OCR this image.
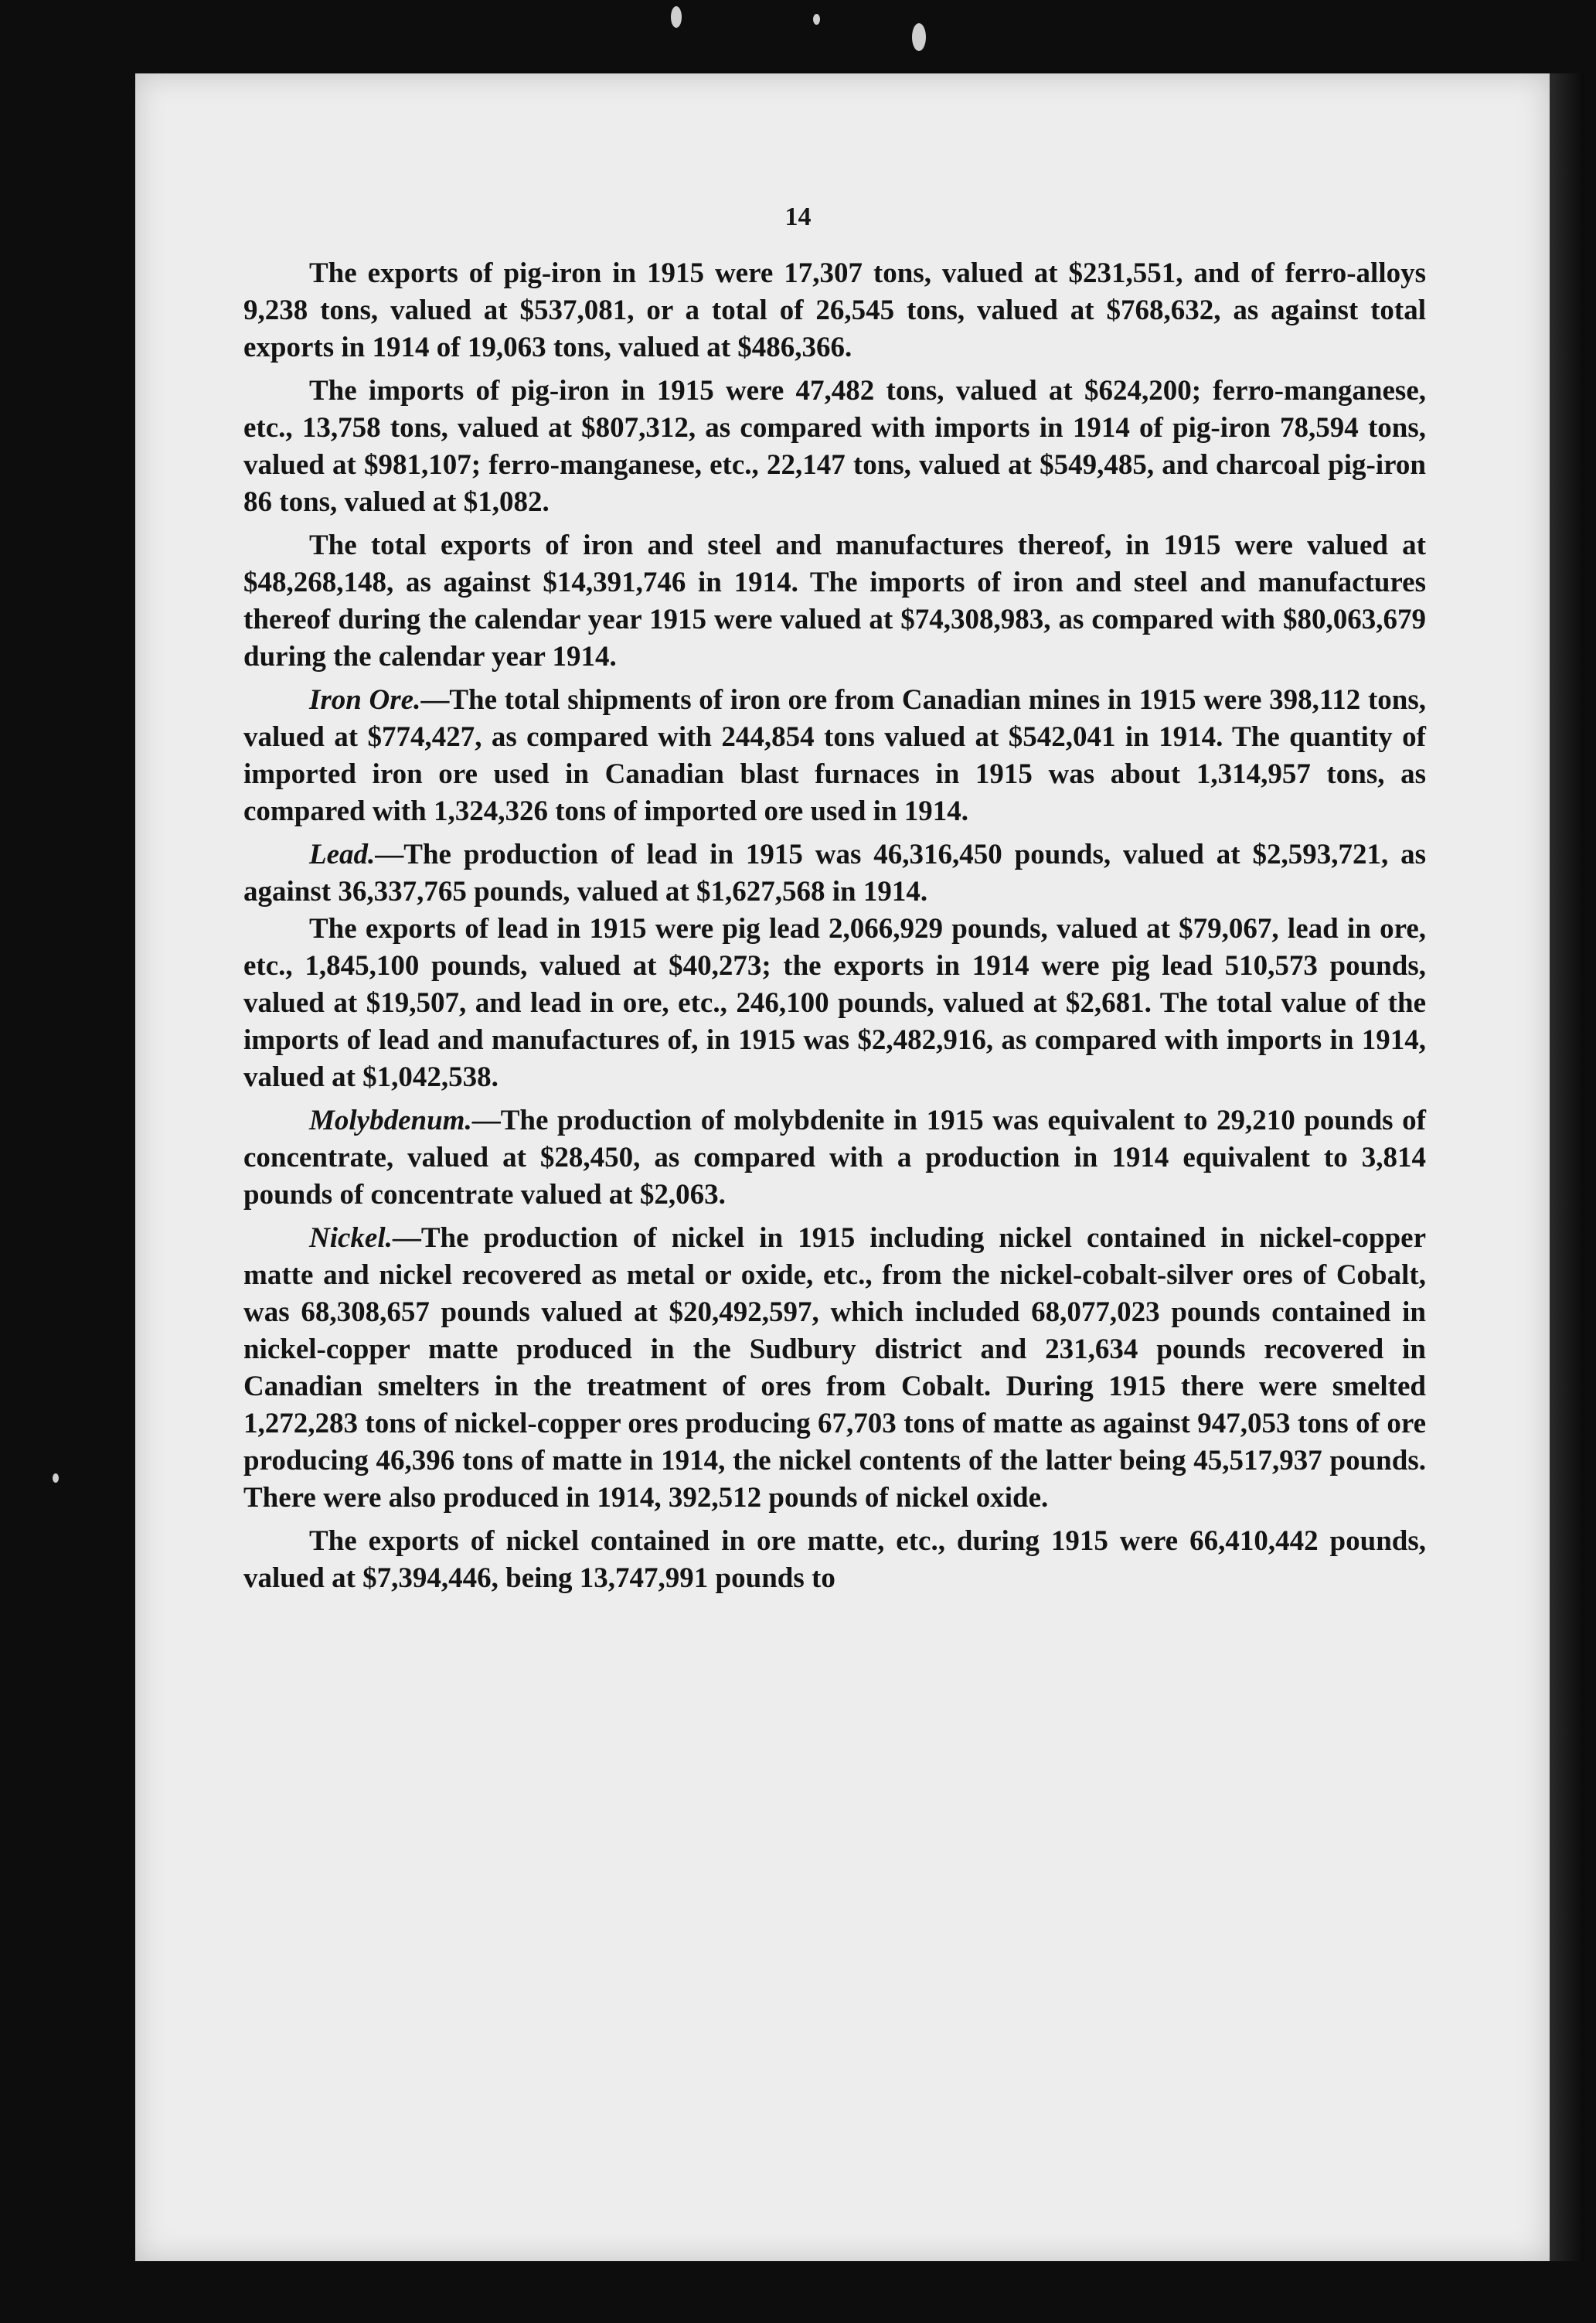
14

The exports of pig-iron in 1915 were 17,307 tons, valued at $231,551, and of ferro-alloys 9,238 tons, valued at $537,081, or a total of 26,545 tons, valued at $768,632, as against total exports in 1914 of 19,063 tons, valued at $486,366.

The imports of pig-iron in 1915 were 47,482 tons, valued at $624,200; ferro-manganese, etc., 13,758 tons, valued at $807,312, as compared with imports in 1914 of pig-iron 78,594 tons, valued at $981,107; ferro-manganese, etc., 22,147 tons, valued at $549,485, and charcoal pig-iron 86 tons, valued at $1,082.

The total exports of iron and steel and manufactures thereof, in 1915 were valued at $48,268,148, as against $14,391,746 in 1914. The imports of iron and steel and manufactures thereof during the calendar year 1915 were valued at $74,308,983, as compared with $80,063,679 during the calendar year 1914.

Iron Ore.—The total shipments of iron ore from Canadian mines in 1915 were 398,112 tons, valued at $774,427, as compared with 244,854 tons valued at $542,041 in 1914. The quantity of imported iron ore used in Canadian blast furnaces in 1915 was about 1,314,957 tons, as compared with 1,324,326 tons of imported ore used in 1914.

Lead.—The production of lead in 1915 was 46,316,450 pounds, valued at $2,593,721, as against 36,337,765 pounds, valued at $1,627,568 in 1914.

The exports of lead in 1915 were pig lead 2,066,929 pounds, valued at $79,067, lead in ore, etc., 1,845,100 pounds, valued at $40,273; the exports in 1914 were pig lead 510,573 pounds, valued at $19,507, and lead in ore, etc., 246,100 pounds, valued at $2,681. The total value of the imports of lead and manufactures of, in 1915 was $2,482,916, as compared with imports in 1914, valued at $1,042,538.

Molybdenum.—The production of molybdenite in 1915 was equivalent to 29,210 pounds of concentrate, valued at $28,450, as compared with a production in 1914 equivalent to 3,814 pounds of concentrate valued at $2,063.

Nickel.—The production of nickel in 1915 including nickel contained in nickel-copper matte and nickel recovered as metal or oxide, etc., from the nickel-cobalt-silver ores of Cobalt, was 68,308,657 pounds valued at $20,492,597, which included 68,077,023 pounds contained in nickel-copper matte produced in the Sudbury district and 231,634 pounds recovered in Canadian smelters in the treatment of ores from Cobalt. During 1915 there were smelted 1,272,283 tons of nickel-copper ores producing 67,703 tons of matte as against 947,053 tons of ore producing 46,396 tons of matte in 1914, the nickel contents of the latter being 45,517,937 pounds. There were also produced in 1914, 392,512 pounds of nickel oxide.

The exports of nickel contained in ore matte, etc., during 1915 were 66,410,442 pounds, valued at $7,394,446, being 13,747,991 pounds to
